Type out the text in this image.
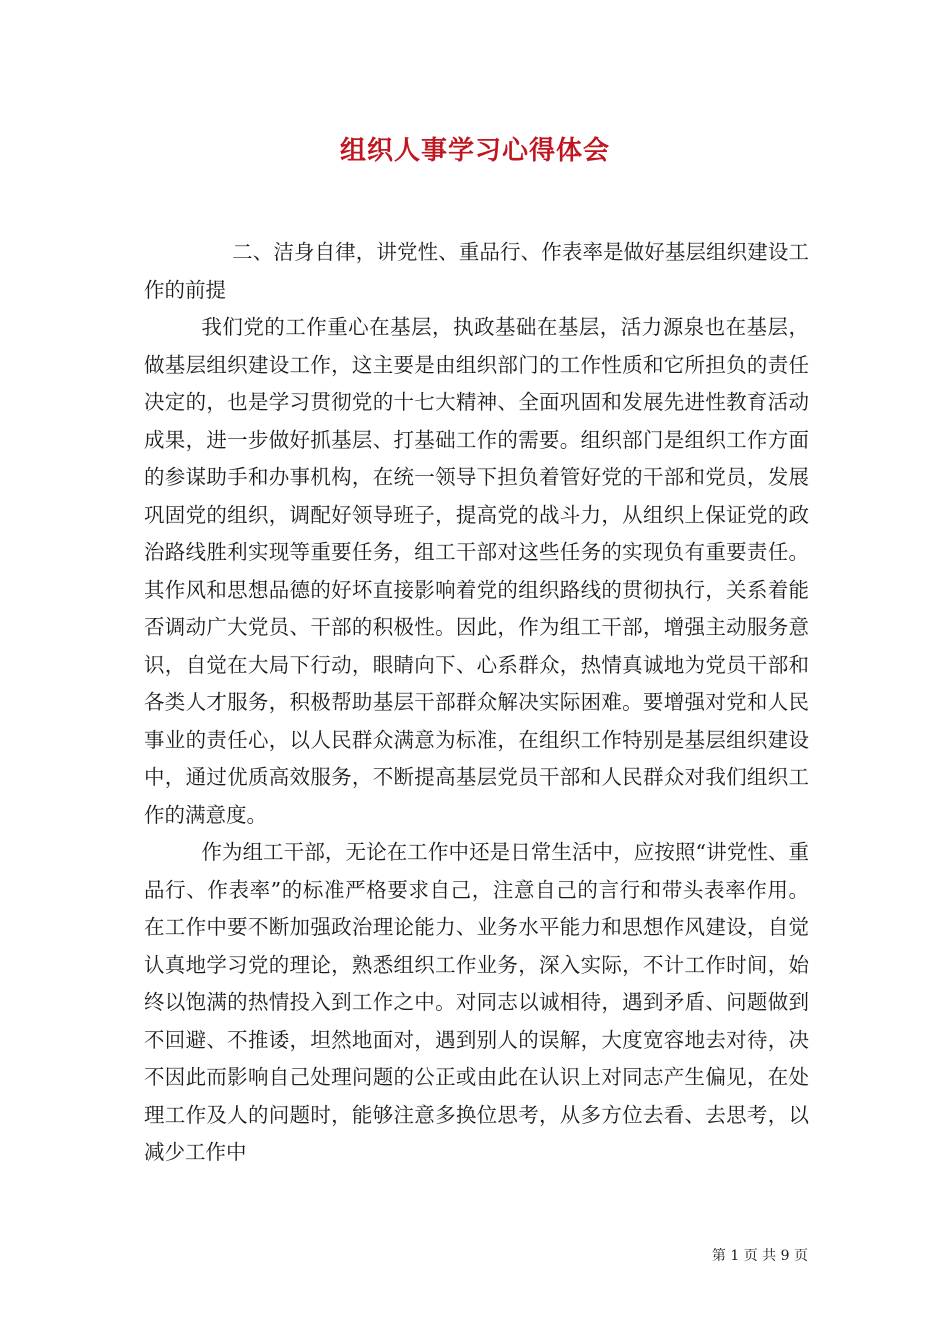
组织人事学习心得体会

二、洁身自律，讲党性、重品行、作表率是做好基层组织建设工作的前提

我们党的工作重心在基层，执政基础在基层，活力源泉也在基层，做基层组织建设工作，这主要是由组织部门的工作性质和它所担负的责任决定的，也是学习贯彻党的十七大精神、全面巩固和发展先进性教育活动成果，进一步做好抓基层、打基础工作的需要。组织部门是组织工作方面的参谋助手和办事机构，在统一领导下担负着管好党的干部和党员，发展巩固党的组织，调配好领导班子，提高党的战斗力，从组织上保证党的政治路线胜利实现等重要任务，组工干部对这些任务的实现负有重要责任。其作风和思想品德的好坏直接影响着党的组织路线的贯彻执行，关系着能否调动广大党员、干部的积极性。因此，作为组工干部，增强主动服务意识，自觉在大局下行动，眼睛向下、心系群众，热情真诚地为党员干部和各类人才服务，积极帮助基层干部群众解决实际困难。要增强对党和人民事业的责任心，以人民群众满意为标准，在组织工作特别是基层组织建设中，通过优质高效服务，不断提高基层党员干部和人民群众对我们组织工作的满意度。

作为组工干部，无论在工作中还是日常生活中，应按照“讲党性、重品行、作表率”的标准严格要求自己，注意自己的言行和带头表率作用。在工作中要不断加强政治理论能力、业务水平能力和思想作风建设，自觉认真地学习党的理论，熟悉组织工作业务，深入实际，不计工作时间，始终以饱满的热情投入到工作之中。对同志以诚相待，遇到矛盾、问题做到不回避、不推诿，坦然地面对，遇到别人的误解，大度宽容地去对待，决不因此而影响自己处理问题的公正或由此在认识上对同志产生偏见，在处理工作及人的问题时，能够注意多换位思考，从多方位去看、去思考，以减少工作中

第 1 页 共 9 页
